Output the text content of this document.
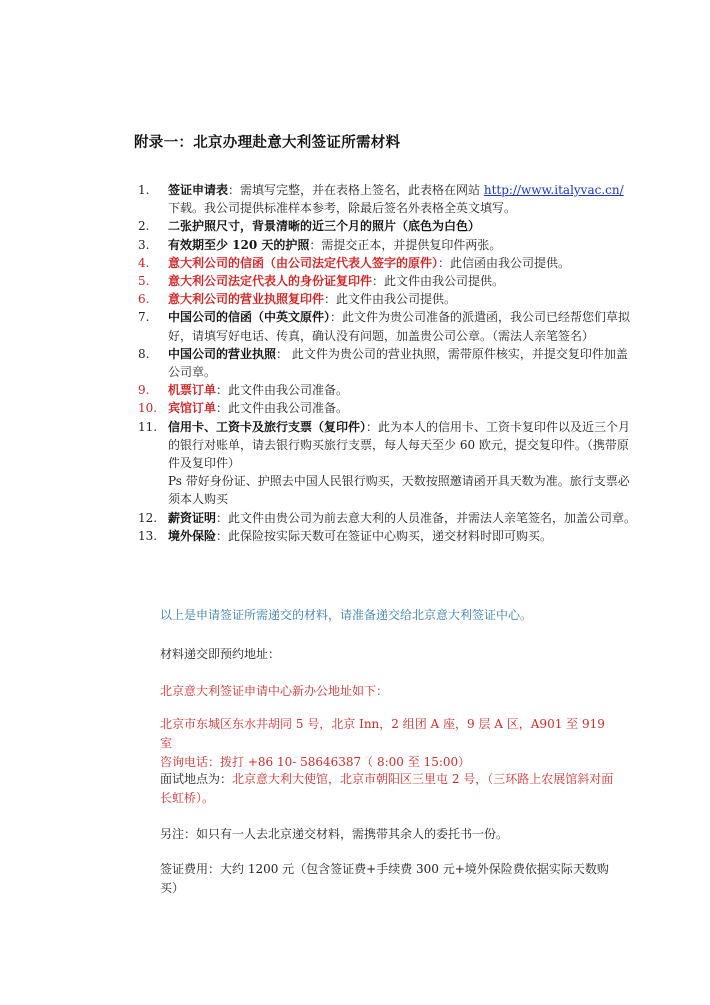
附录一：北京办理赴意大利签证所需材料
1.	签证申请表：需填写完整，并在表格上签名，此表格在网站 http://www.italyvac.cn/
下载。我公司提供标准样本参考，除最后签名外表格全英文填写。
2.	二张护照尺寸，背景清晰的近三个月的照片（底色为白色）
3.	有效期至少 120 天的护照：需提交正本，并提供复印件两张。
4.	意大利公司的信函（由公司法定代表人签字的原件）：此信函由我公司提供。
5.	意大利公司法定代表人的身份证复印件：此文件由我公司提供。
6.	意大利公司的营业执照复印件：此文件由我公司提供。
7.	中国公司的信函（中英文原件）：此文件为贵公司准备的派遣函，我公司已经帮您们草拟好，请填写好电话、传真，确认没有问题，加盖贵公司公章。（需法人亲笔签名）
8.	中国公司的营业执照： 此文件为贵公司的营业执照，需带原件核实，并提交复印件加盖公司章。
9.	机票订单：此文件由我公司准备。
10. 宾馆订单：此文件由我公司准备。
11. 信用卡、工资卡及旅行支票（复印件）：此为本人的信用卡、工资卡复印件以及近三个月的银行对账单，请去银行购买旅行支票，每人每天至少 60 欧元，提交复印件。（携带原件及复印件）
Ps 带好身份证、护照去中国人民银行购买，天数按照邀请函开具天数为准。旅行支票必须本人购买
12. 薪资证明：此文件由贵公司为前去意大利的人员准备，并需法人亲笔签名，加盖公司章。
13. 境外保险：此保险按实际天数可在签证中心购买，递交材料时即可购买。
以上是申请签证所需递交的材料，请准备递交给北京意大利签证中心。
材料递交即预约地址：
北京意大利签证申请中心新办公地址如下：
北京市东城区东水井胡同 5 号，北京 Inn，2 组团 A 座，9 层 A 区，A901 至 919 室
咨询电话：拨打 +86 10- 58646387（ 8:00 至 15:00）
面试地点为：北京意大利大使馆，北京市朝阳区三里屯 2 号，（三环路上农展馆斜对面长虹桥）。
另注：如只有一人去北京递交材料，需携带其余人的委托书一份。
签证费用：大约 1200 元（包含签证费+手续费 300 元+境外保险费依据实际天数购买）
